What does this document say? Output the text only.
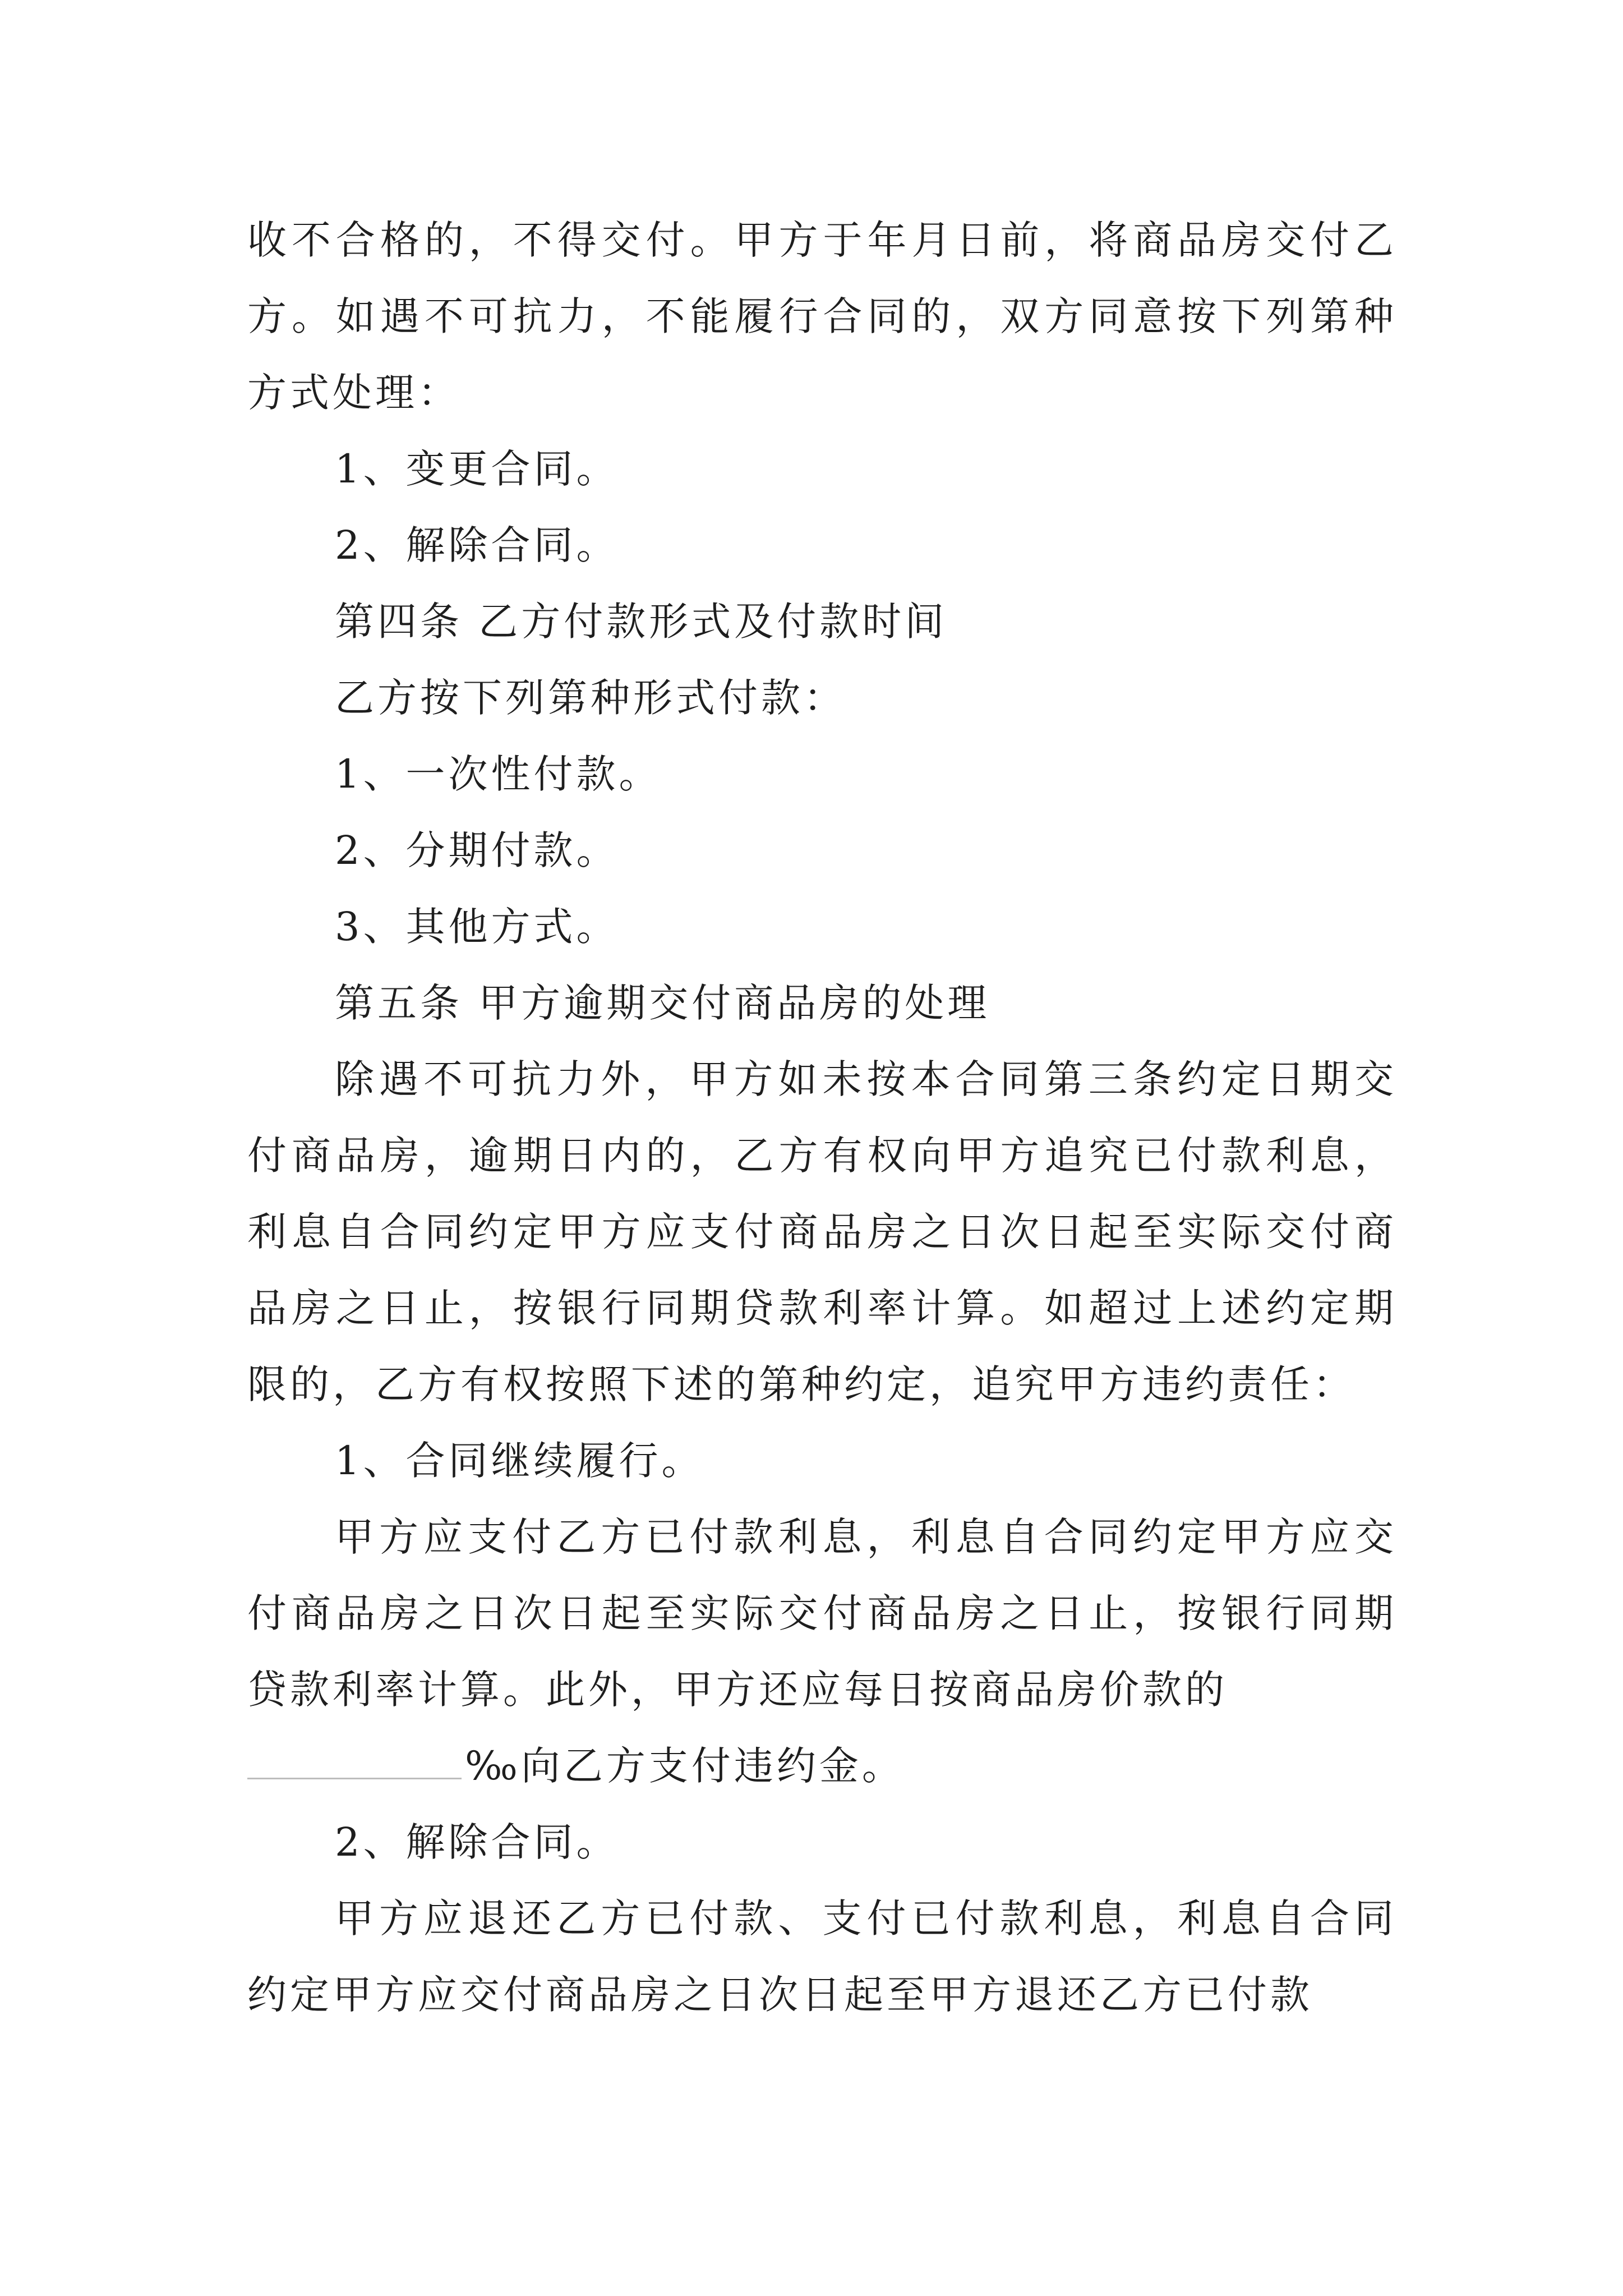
收不合格的，不得交付。甲方于年月日前，将商品房交付乙方。如遇不可抗力，不能履行合同的，双方同意按下列第种方式处理：

1、变更合同。

2、解除合同。

第四条 乙方付款形式及付款时间

乙方按下列第种形式付款：

1、一次性付款。

2、分期付款。

3、其他方式。

第五条 甲方逾期交付商品房的处理

除遇不可抗力外，甲方如未按本合同第三条约定日期交付商品房，逾期日内的，乙方有权向甲方追究已付款利息，利息自合同约定甲方应支付商品房之日次日起至实际交付商品房之日止，按银行同期贷款利率计算。如超过上述约定期限的，乙方有权按照下述的第种约定，追究甲方违约责任：

1、合同继续履行。

甲方应支付乙方已付款利息，利息自合同约定甲方应交付商品房之日次日起至实际交付商品房之日止，按银行同期贷款利率计算。此外，甲方还应每日按商品房价款的

‰向乙方支付违约金。

2、解除合同。

甲方应退还乙方已付款、支付已付款利息，利息自合同约定甲方应交付商品房之日次日起至甲方退还乙方已付款
